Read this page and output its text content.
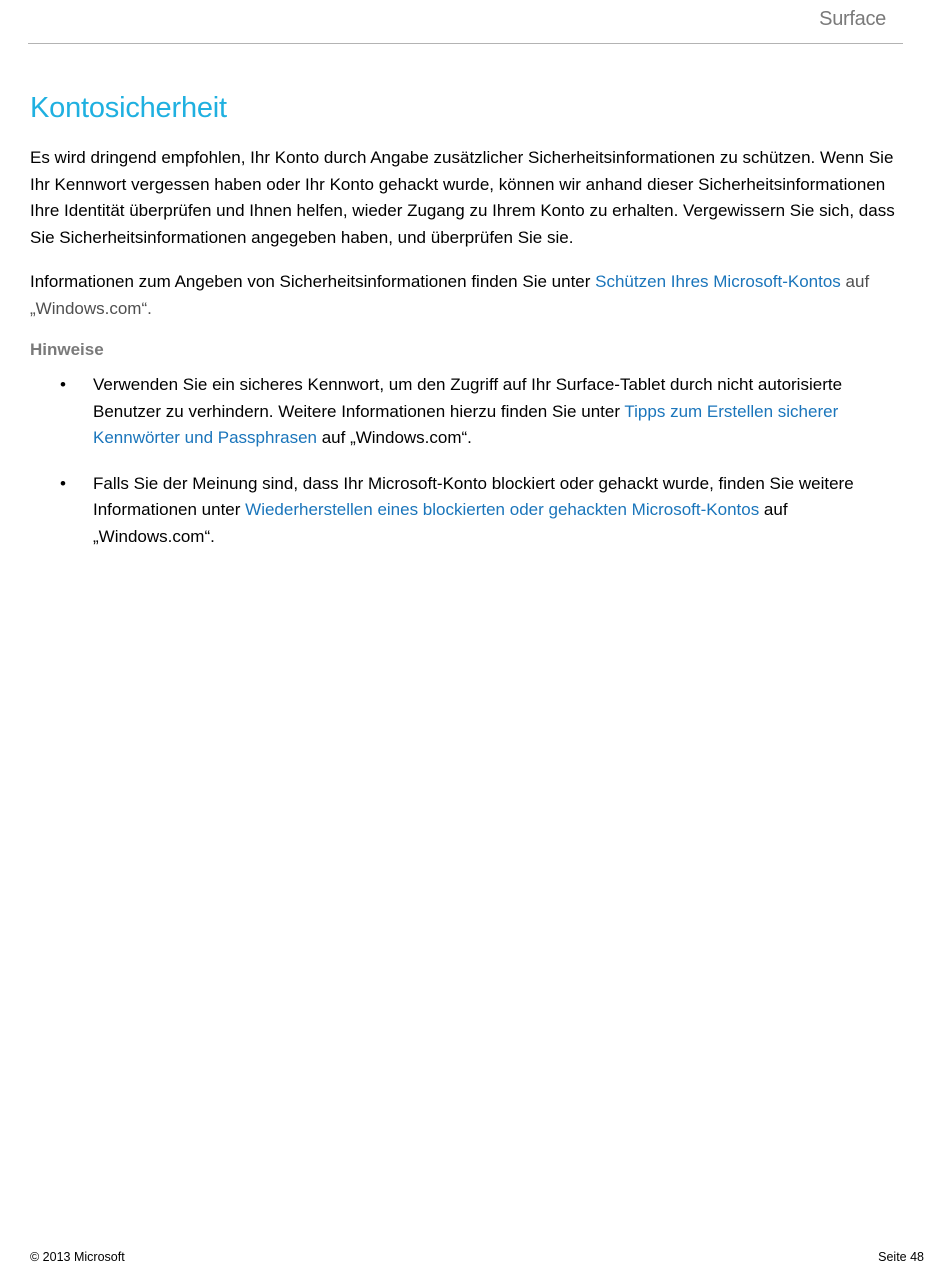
Surface
Kontosicherheit

Es wird dringend empfohlen, Ihr Konto durch Angabe zusätzlicher Sicherheitsinformationen zu schützen. Wenn Sie Ihr Kennwort vergessen haben oder Ihr Konto gehackt wurde, können wir anhand dieser Sicherheitsinformationen Ihre Identität überprüfen und Ihnen helfen, wieder Zugang zu Ihrem Konto zu erhalten. Vergewissern Sie sich, dass Sie Sicherheitsinformationen angegeben haben, und überprüfen Sie sie.

Informationen zum Angeben von Sicherheitsinformationen finden Sie unter Schützen Ihres Microsoft-Kontos auf „Windows.com“.

Hinweise
• Verwenden Sie ein sicheres Kennwort, um den Zugriff auf Ihr Surface-Tablet durch nicht autorisierte Benutzer zu verhindern. Weitere Informationen hierzu finden Sie unter Tipps zum Erstellen sicherer Kennwörter und Passphrasen auf „Windows.com“.
• Falls Sie der Meinung sind, dass Ihr Microsoft-Konto blockiert oder gehackt wurde, finden Sie weitere Informationen unter Wiederherstellen eines blockierten oder gehackten Microsoft-Kontos auf „Windows.com“.
© 2013 Microsoft	Seite 48
